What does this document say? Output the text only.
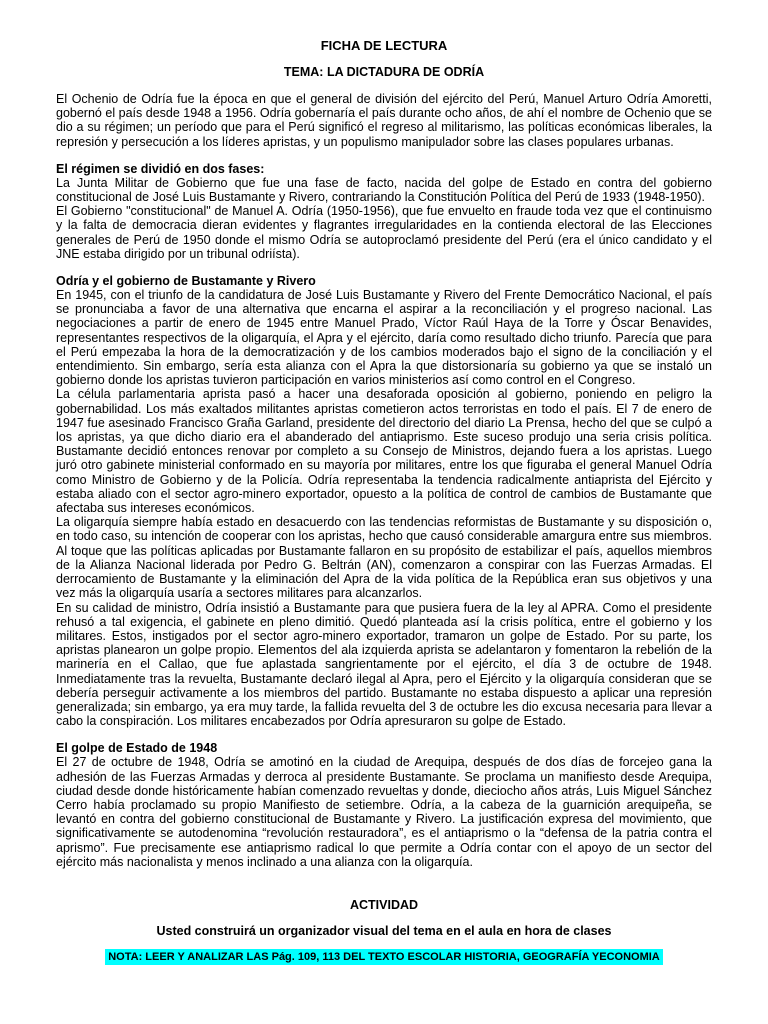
FICHA DE LECTURA
TEMA: LA DICTADURA DE ODRÍA

El Ochenio de Odría fue la época en que el general de división del ejército del Perú, Manuel Arturo Odría Amoretti, gobernó el país desde 1948 a 1956. Odría gobernaría el país durante ocho años, de ahí el nombre de Ochenio que se dio a su régimen; un período que para el Perú significó el regreso al militarismo, las políticas económicas liberales, la represión y persecución a los líderes apristas, y un populismo manipulador sobre las clases populares urbanas.

El régimen se dividió en dos fases:

La Junta Militar de Gobierno que fue una fase de facto, nacida del golpe de Estado en contra del gobierno constitucional de José Luis Bustamante y Rivero, contrariando la Constitución Política del Perú de 1933 (1948-1950).

El Gobierno "constitucional" de Manuel A. Odría (1950-1956), que fue envuelto en fraude toda vez que el continuismo y la falta de democracia dieran evidentes y flagrantes irregularidades en la contienda electoral de las Elecciones generales de Perú de 1950 donde el mismo Odría se autoproclamó presidente del Perú (era el único candidato y el JNE estaba dirigido por un tribunal odriísta).

Odría y el gobierno de Bustamante y Rivero

En 1945, con el triunfo de la candidatura de José Luis Bustamante y Rivero del Frente Democrático Nacional, el país se pronunciaba a favor de una alternativa que encarna el aspirar a la reconciliación y el progreso nacional. Las negociaciones a partir de enero de 1945 entre Manuel Prado, Víctor Raúl Haya de la Torre y Óscar Benavides, representantes respectivos de la oligarquía, el Apra y el ejército, daría como resultado dicho triunfo. Parecía que para el Perú empezaba la hora de la democratización y de los cambios moderados bajo el signo de la conciliación y el entendimiento. Sin embargo, sería esta alianza con el Apra la que distorsionaría su gobierno ya que se instaló un gobierno donde los apristas tuvieron participación en varios ministerios así como control en el Congreso.

La célula parlamentaria aprista pasó a hacer una desaforada oposición al gobierno, poniendo en peligro la gobernabilidad. Los más exaltados militantes apristas cometieron actos terroristas en todo el país. El 7 de enero de 1947 fue asesinado Francisco Graña Garland, presidente del directorio del diario La Prensa, hecho del que se culpó a los apristas, ya que dicho diario era el abanderado del antiaprismo. Este suceso produjo una seria crisis política. Bustamante decidió entonces renovar por completo a su Consejo de Ministros, dejando fuera a los apristas. Luego juró otro gabinete ministerial conformado en su mayoría por militares, entre los que figuraba el general Manuel Odría como Ministro de Gobierno y de la Policía. Odría representaba la tendencia radicalmente antiaprista del Ejército y estaba aliado con el sector agro-minero exportador, opuesto a la política de control de cambios de Bustamante que afectaba sus intereses económicos.

La oligarquía siempre había estado en desacuerdo con las tendencias reformistas de Bustamante y su disposición o, en todo caso, su intención de cooperar con los apristas, hecho que causó considerable amargura entre sus miembros. Al toque que las políticas aplicadas por Bustamante fallaron en su propósito de estabilizar el país, aquellos miembros de la Alianza Nacional liderada por Pedro G. Beltrán (AN), comenzaron a conspirar con las Fuerzas Armadas. El derrocamiento de Bustamante y la eliminación del Apra de la vida política de la República eran sus objetivos y una vez más la oligarquía usaría a sectores militares para alcanzarlos.

En su calidad de ministro, Odría insistió a Bustamante para que pusiera fuera de la ley al APRA. Como el presidente rehusó a tal exigencia, el gabinete en pleno dimitió. Quedó planteada así la crisis política, entre el gobierno y los militares. Estos, instigados por el sector agro-minero exportador, tramaron un golpe de Estado. Por su parte, los apristas planearon un golpe propio. Elementos del ala izquierda aprista se adelantaron y fomentaron la rebelión de la marinería en el Callao, que fue aplastada sangrientamente por el ejército, el día 3 de octubre de 1948. Inmediatamente tras la revuelta, Bustamante declaró ilegal al Apra, pero el Ejército y la oligarquía consideran que se debería perseguir activamente a los miembros del partido. Bustamante no estaba dispuesto a aplicar una represión generalizada; sin embargo, ya era muy tarde, la fallida revuelta del 3 de octubre les dio excusa necesaria para llevar a cabo la conspiración. Los militares encabezados por Odría apresuraron su golpe de Estado.

El golpe de Estado de 1948

El 27 de octubre de 1948, Odría se amotinó en la ciudad de Arequipa, después de dos días de forcejeo gana la adhesión de las Fuerzas Armadas y derroca al presidente Bustamante. Se proclama un manifiesto desde Arequipa, ciudad desde donde históricamente habían comenzado revueltas y donde, dieciocho años atrás, Luis Miguel Sánchez Cerro había proclamado su propio Manifiesto de setiembre. Odría, a la cabeza de la guarnición arequipeña, se levantó en contra del gobierno constitucional de Bustamante y Rivero. La justificación expresa del movimiento, que significativamente se autodenomina “revolución restauradora”, es el antiaprismo o la “defensa de la patria contra el aprismo”. Fue precisamente ese antiaprismo radical lo que permite a Odría contar con el apoyo de un sector del ejército más nacionalista y menos inclinado a una alianza con la oligarquía.

ACTIVIDAD
Usted construirá un organizador visual del tema en el aula en hora de clases
NOTA: LEER Y ANALIZAR LAS Pág. 109, 113 DEL TEXTO ESCOLAR HISTORIA, GEOGRAFÍA YECONOMIA
